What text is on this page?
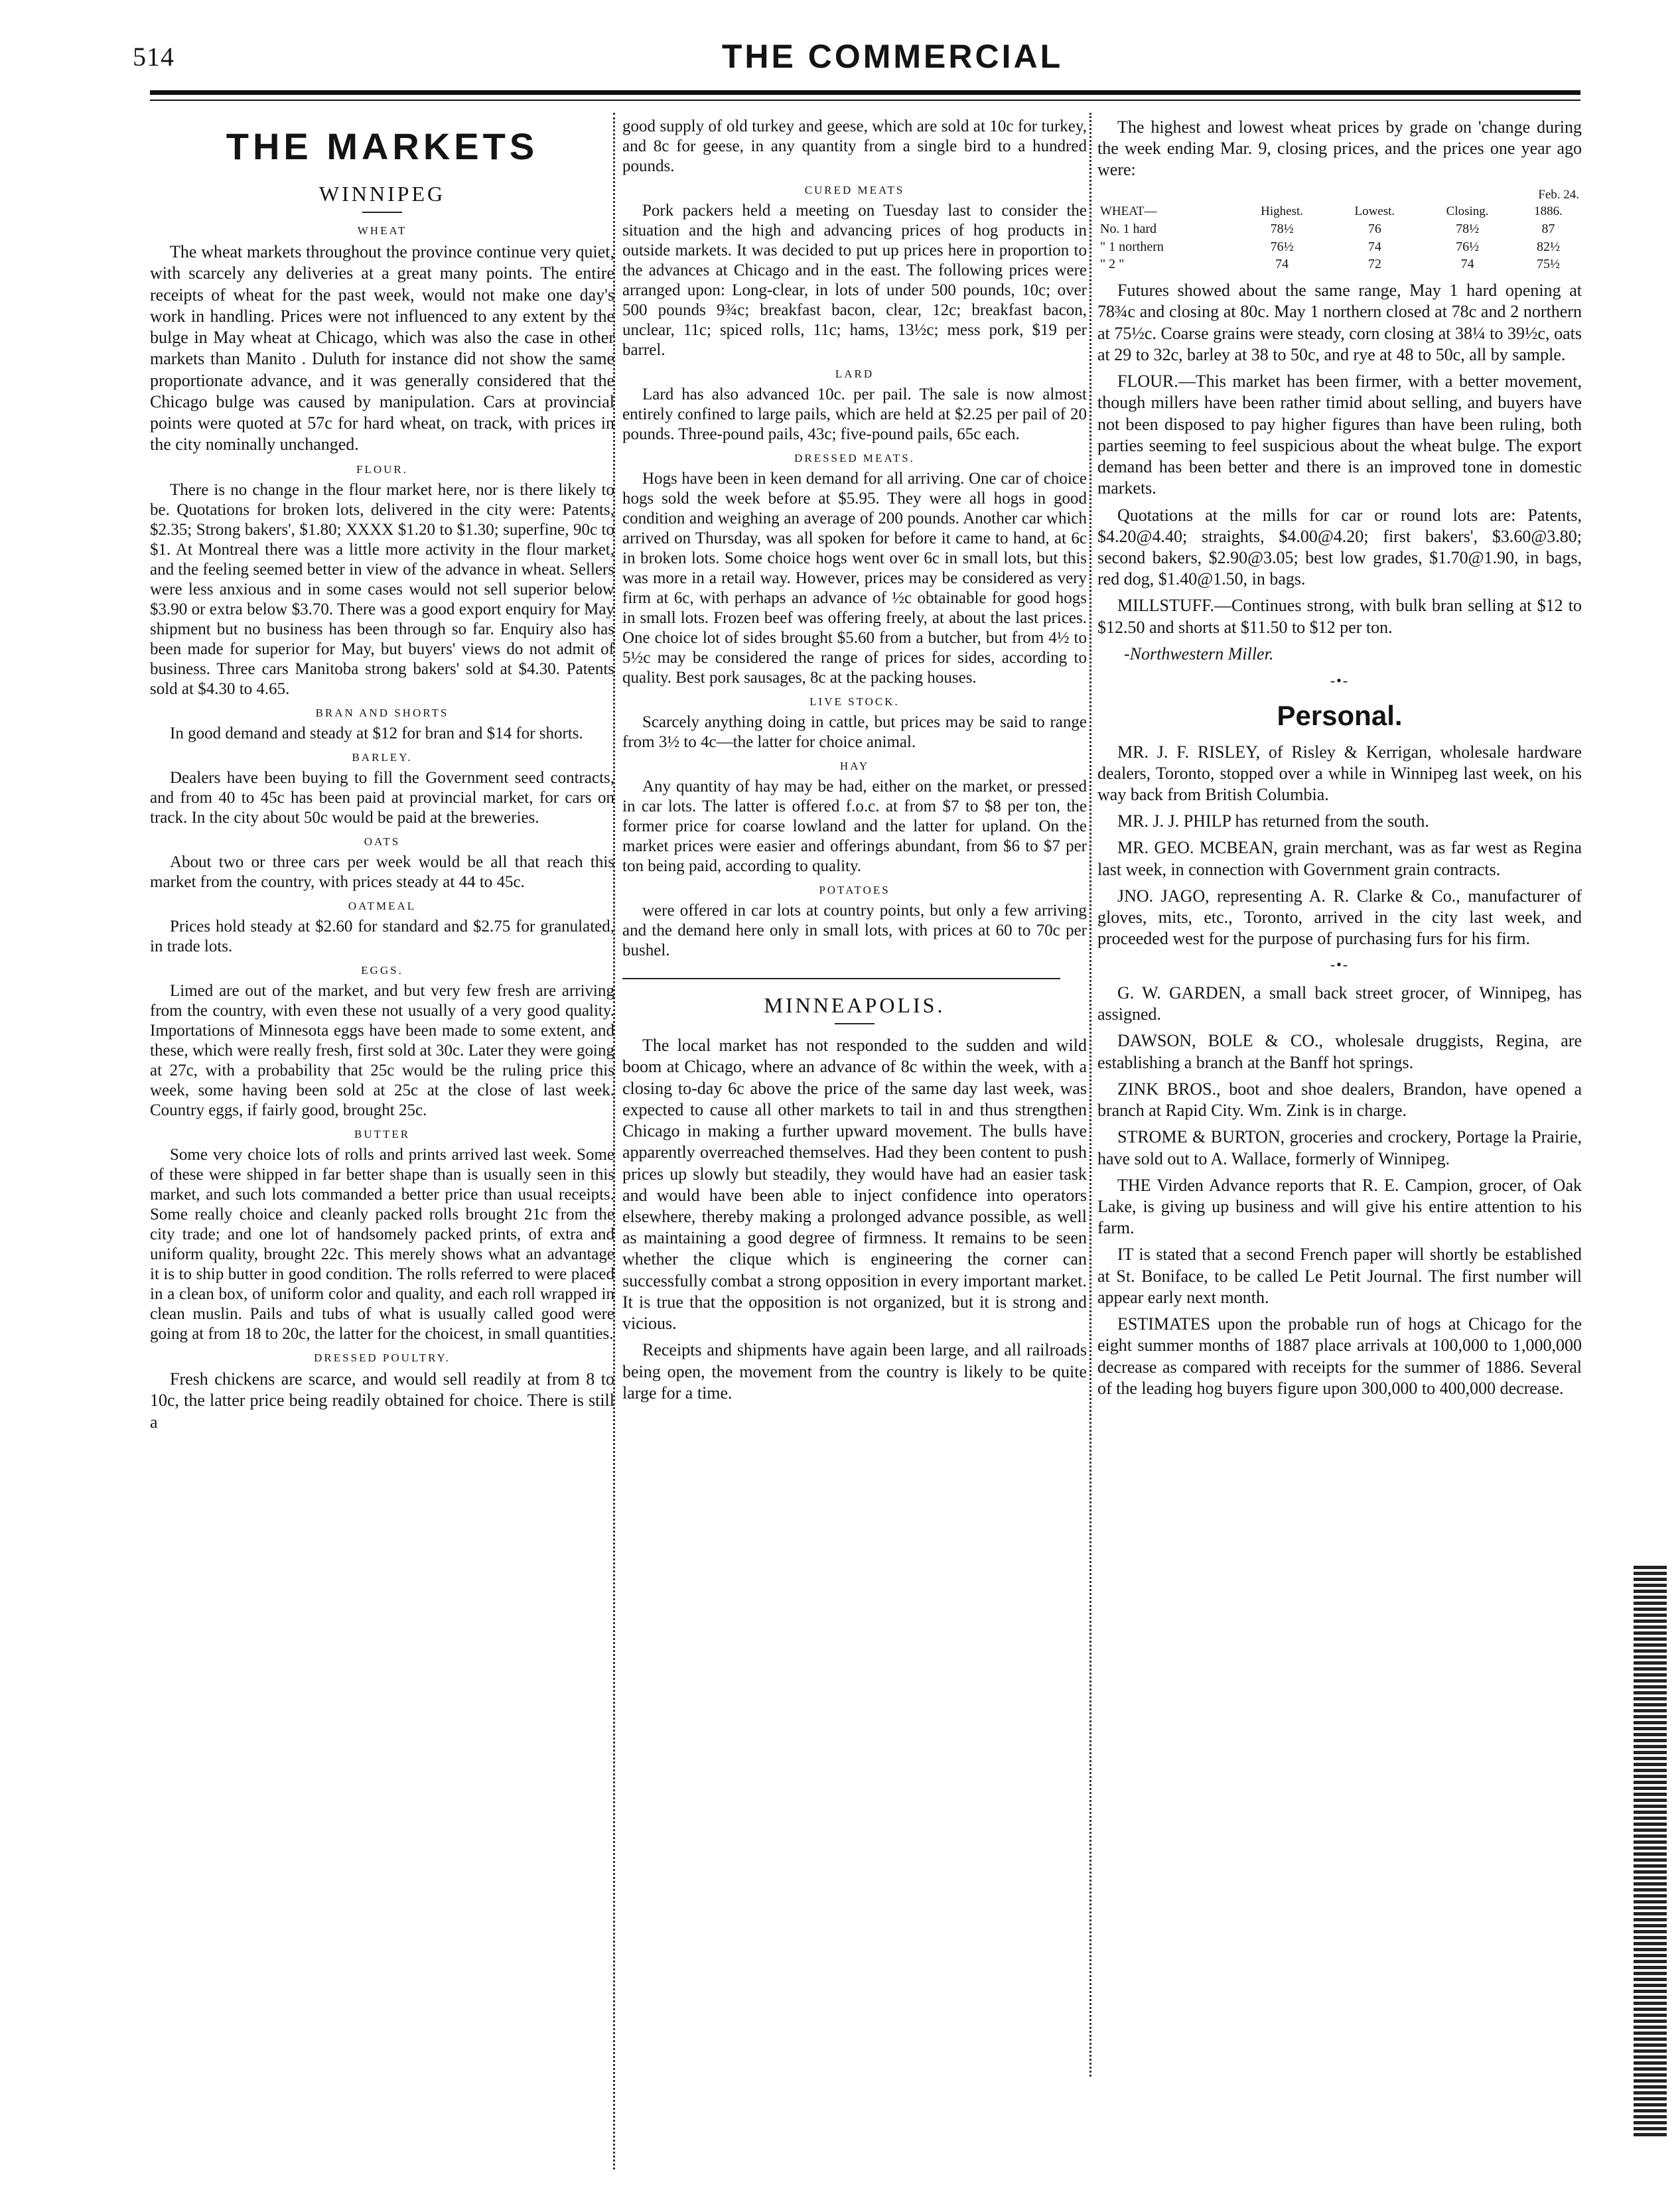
514	THE COMMERCIAL
THE MARKETS
WINNIPEG
WHEAT

The wheat markets throughout the province continue very quiet, with scarcely any deliveries at a great many points. The entire receipts of wheat for the past week, would not make one day's work in handling. Prices were not influenced to any extent by the bulge in May wheat at Chicago, which was also the case in other markets than Manito . Duluth for instance did not show the same proportionate advance, and it was generally considered that the Chicago bulge was caused by manipulation. Cars at provincial points were quoted at 57c for hard wheat, on track, with prices in the city nominally unchanged.

FLOUR.

There is no change in the flour market here, nor is there likely to be. Quotations for broken lots, delivered in the city were: Patents, $2.35; Strong bakers', $1.80; XXXX $1.20 to $1.30; superfine, 90c to $1. At Montreal there was a little more activity in the flour market, and the feeling seemed better in view of the advance in wheat. Sellers were less anxious and in some cases would not sell superior below $3.90 or extra below $3.70. There was a good export enquiry for May shipment but no business has been through so far. Enquiry also has been made for superior for May, but buyers' views do not admit of business. Three cars Manitoba strong bakers' sold at $4.30. Patents sold at $4.30 to 4.65.

BRAN AND SHORTS

In good demand and steady at $12 for bran and $14 for shorts.

BARLEY.

Dealers have been buying to fill the Government seed contracts, and from 40 to 45c has been paid at provincial market, for cars on track. In the city about 50c would be paid at the breweries.

OATS

About two or three cars per week would be all that reach this market from the country, with prices steady at 44 to 45c.

OATMEAL

Prices hold steady at $2.60 for standard and $2.75 for granulated, in trade lots.

EGGS.

Limed are out of the market, and but very few fresh are arriving from the country, with even these not usually of a very good quality. Importations of Minnesota eggs have been made to some extent, and these, which were really fresh, first sold at 30c. Later they were going at 27c, with a probability that 25c would be the ruling price this week, some having been sold at 25c at the close of last week. Country eggs, if fairly good, brought 25c.

BUTTER

Some very choice lots of rolls and prints arrived last week. Some of these were shipped in far better shape than is usually seen in this market, and such lots commanded a better price than usual receipts. Some really choice and cleanly packed rolls brought 21c from the city trade; and one lot of handsomely packed prints, of extra and uniform quality, brought 22c. This merely shows what an advantage it is to ship butter in good condition. The rolls referred to were placed in a clean box, of uniform color and quality, and each roll wrapped in clean muslin. Pails and tubs of what is usually called good were going at from 18 to 20c, the latter for the choicest, in small quantities.

DRESSED POULTRY.

Fresh chickens are scarce, and would sell readily at from 8 to 10c, the latter price being readily obtained for choice. There is still a

good supply of old turkey and geese, which are sold at 10c for turkey, and 8c for geese, in any quantity from a single bird to a hundred pounds.

CURED MEATS

Pork packers held a meeting on Tuesday last to consider the situation and the high and advancing prices of hog products in outside markets. It was decided to put up prices here in proportion to the advances at Chicago and in the east. The following prices were arranged upon: Long-clear, in lots of under 500 pounds, 10c; over 500 pounds 9¾c; breakfast bacon, clear, 12c; breakfast bacon, unclear, 11c; spiced rolls, 11c; hams, 13½c; mess pork, $19 per barrel.

LARD

Lard has also advanced 10c. per pail. The sale is now almost entirely confined to large pails, which are held at $2.25 per pail of 20 pounds. Three-pound pails, 43c; five-pound pails, 65c each.

DRESSED MEATS.

Hogs have been in keen demand for all arriving. One car of choice hogs sold the week before at $5.95. They were all hogs in good condition and weighing an average of 200 pounds. Another car which arrived on Thursday, was all spoken for before it came to hand, at 6c in broken lots. Some choice hogs went over 6c in small lots, but this was more in a retail way. However, prices may be considered as very firm at 6c, with perhaps an advance of ½c obtainable for good hogs in small lots. Frozen beef was offering freely, at about the last prices. One choice lot of sides brought $5.60 from a butcher, but from 4½ to 5½c may be considered the range of prices for sides, according to quality. Best pork sausages, 8c at the packing houses.

LIVE STOCK.

Scarcely anything doing in cattle, but prices may be said to range from 3½ to 4c—the latter for choice animal.

HAY

Any quantity of hay may be had, either on the market, or pressed in car lots. The latter is offered f.o.c. at from $7 to $8 per ton, the former price for coarse lowland and the latter for upland. On the market prices were easier and offerings abundant, from $6 to $7 per ton being paid, according to quality.

POTATOES

were offered in car lots at country points, but only a few arriving and the demand here only in small lots, with prices at 60 to 70c per bushel.

MINNEAPOLIS.

The local market has not responded to the sudden and wild boom at Chicago, where an advance of 8c within the week, with a closing to-day 6c above the price of the same day last week, was expected to cause all other markets to tail in and thus strengthen Chicago in making a further upward movement. The bulls have apparently overreached themselves. Had they been content to push prices up slowly but steadily, they would have had an easier task and would have been able to inject confidence into operators elsewhere, thereby making a prolonged advance possible, as well as maintaining a good degree of firmness. It remains to be seen whether the clique which is engineering the corner can successfully combat a strong opposition in every important market. It is true that the opposition is not organized, but it is strong and vicious.

Receipts and shipments have again been large, and all railroads being open, the movement from the country is likely to be quite large for a time.

The highest and lowest wheat prices by grade on 'change during the week ending Mar. 9, closing prices, and the prices one year ago were:

Feb. 24.				
WHEAT—	Highest.	Lowest.	Closing.	1886.
No. 1 hard	78½	76	78½	87
" 1 northern	76½	74	76½	82½
" 2 "	74	72	74	75½

Futures showed about the same range, May 1 hard opening at 78¾c and closing at 80c. May 1 northern closed at 78c and 2 northern at 75½c. Coarse grains were steady, corn closing at 38¼ to 39½c, oats at 29 to 32c, barley at 38 to 50c, and rye at 48 to 50c, all by sample.

FLOUR.—This market has been firmer, with a better movement, though millers have been rather timid about selling, and buyers have not been disposed to pay higher figures than have been ruling, both parties seeming to feel suspicious about the wheat bulge. The export demand has been better and there is an improved tone in domestic markets.

Quotations at the mills for car or round lots are: Patents, $4.20@4.40; straights, $4.00@4.20; first bakers', $3.60@3.80; second bakers, $2.90@3.05; best low grades, $1.70@1.90, in bags, red dog, $1.40@1.50, in bags.

MILLSTUFF.—Continues strong, with bulk bran selling at $12 to $12.50 and shorts at $11.50 to $12 per ton.

-Northwestern Miller.
-•-
Personal.

MR. J. F. RISLEY, of Risley & Kerrigan, wholesale hardware dealers, Toronto, stopped over a while in Winnipeg last week, on his way back from British Columbia.

MR. J. J. PHILP has returned from the south.

MR. GEO. MCBEAN, grain merchant, was as far west as Regina last week, in connection with Government grain contracts.

JNO. JAGO, representing A. R. Clarke & Co., manufacturer of gloves, mits, etc., Toronto, arrived in the city last week, and proceeded west for the purpose of purchasing furs for his firm.

-•-

G. W. GARDEN, a small back street grocer, of Winnipeg, has assigned.

DAWSON, BOLE & CO., wholesale druggists, Regina, are establishing a branch at the Banff hot springs.

ZINK BROS., boot and shoe dealers, Brandon, have opened a branch at Rapid City. Wm. Zink is in charge.

STROME & BURTON, groceries and crockery, Portage la Prairie, have sold out to A. Wallace, formerly of Winnipeg.

THE Virden Advance reports that R. E. Campion, grocer, of Oak Lake, is giving up business and will give his entire attention to his farm.

IT is stated that a second French paper will shortly be established at St. Boniface, to be called Le Petit Journal. The first number will appear early next month.

ESTIMATES upon the probable run of hogs at Chicago for the eight summer months of 1887 place arrivals at 100,000 to 1,000,000 decrease as compared with receipts for the summer of 1886. Several of the leading hog buyers figure upon 300,000 to 400,000 decrease.
